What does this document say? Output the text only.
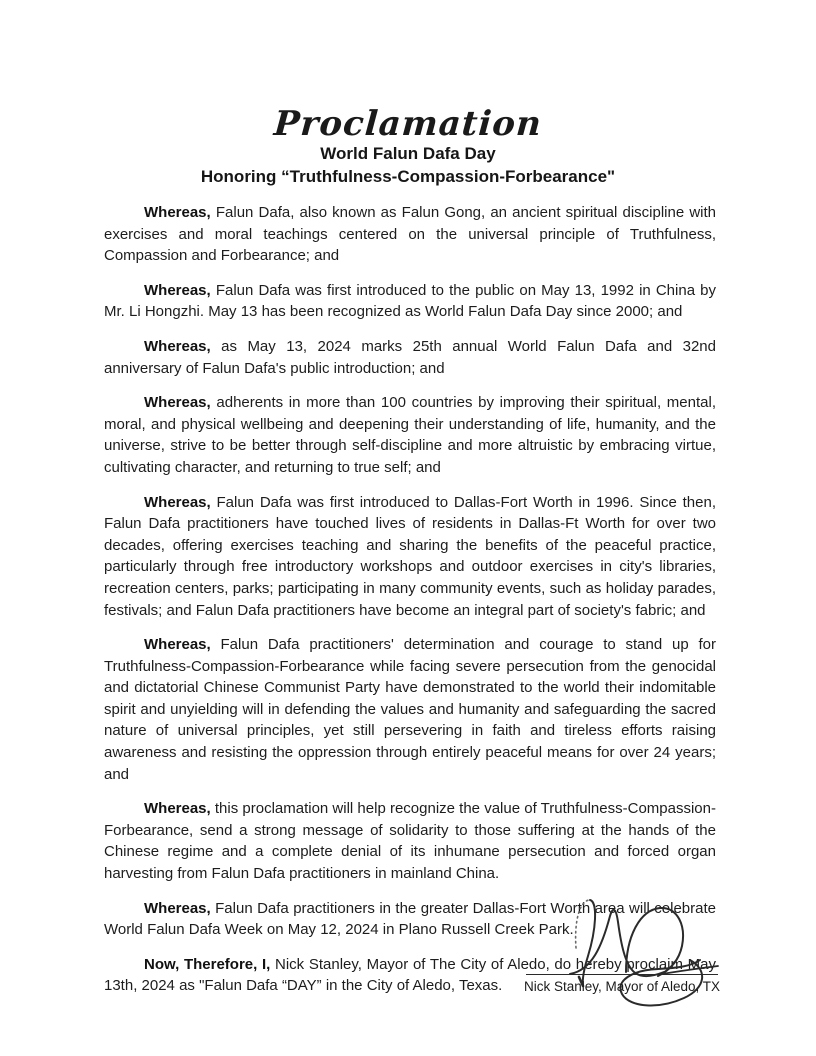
Proclamation
World Falun Dafa Day
Honoring “Truthfulness-Compassion-Forbearance"

Whereas, Falun Dafa, also known as Falun Gong, an ancient spiritual discipline with exercises and moral teachings centered on the universal principle of Truthfulness, Compassion and Forbearance; and

Whereas, Falun Dafa was first introduced to the public on May 13, 1992 in China by Mr. Li Hongzhi. May 13 has been recognized as World Falun Dafa Day since 2000; and

Whereas, as May 13, 2024 marks 25th annual World Falun Dafa and 32nd anniversary of Falun Dafa's public introduction; and

Whereas, adherents in more than 100 countries by improving their spiritual, mental, moral, and physical wellbeing and deepening their understanding of life, humanity, and the universe, strive to be better through self-discipline and more altruistic by embracing virtue, cultivating character, and returning to true self; and

Whereas, Falun Dafa was first introduced to Dallas-Fort Worth in 1996. Since then, Falun Dafa practitioners have touched lives of residents in Dallas-Ft Worth for over two decades, offering exercises teaching and sharing the benefits of the peaceful practice, particularly through free introductory workshops and outdoor exercises in city's libraries, recreation centers, parks; participating in many community events, such as holiday parades, festivals; and Falun Dafa practitioners have become an integral part of society's fabric; and

Whereas, Falun Dafa practitioners' determination and courage to stand up for Truthfulness-Compassion-Forbearance while facing severe persecution from the genocidal and dictatorial Chinese Communist Party have demonstrated to the world their indomitable spirit and unyielding will in defending the values and humanity and safeguarding the sacred nature of universal principles, yet still persevering in faith and tireless efforts raising awareness and resisting the oppression through entirely peaceful means for over 24 years; and

Whereas, this proclamation will help recognize the value of Truthfulness-Compassion-Forbearance, send a strong message of solidarity to those suffering at the hands of the Chinese regime and a complete denial of its inhumane persecution and forced organ harvesting from Falun Dafa practitioners in mainland China.

Whereas, Falun Dafa practitioners in the greater Dallas-Fort Worth area will celebrate World Falun Dafa Week on May 12, 2024 in Plano Russell Creek Park.

Now, Therefore, I, Nick Stanley, Mayor of The City of Aledo, do hereby proclaim May 13th, 2024 as "Falun Dafa “DAY” in the City of Aledo, Texas.	Nick Stanley, Mayor of Aledo, TX
